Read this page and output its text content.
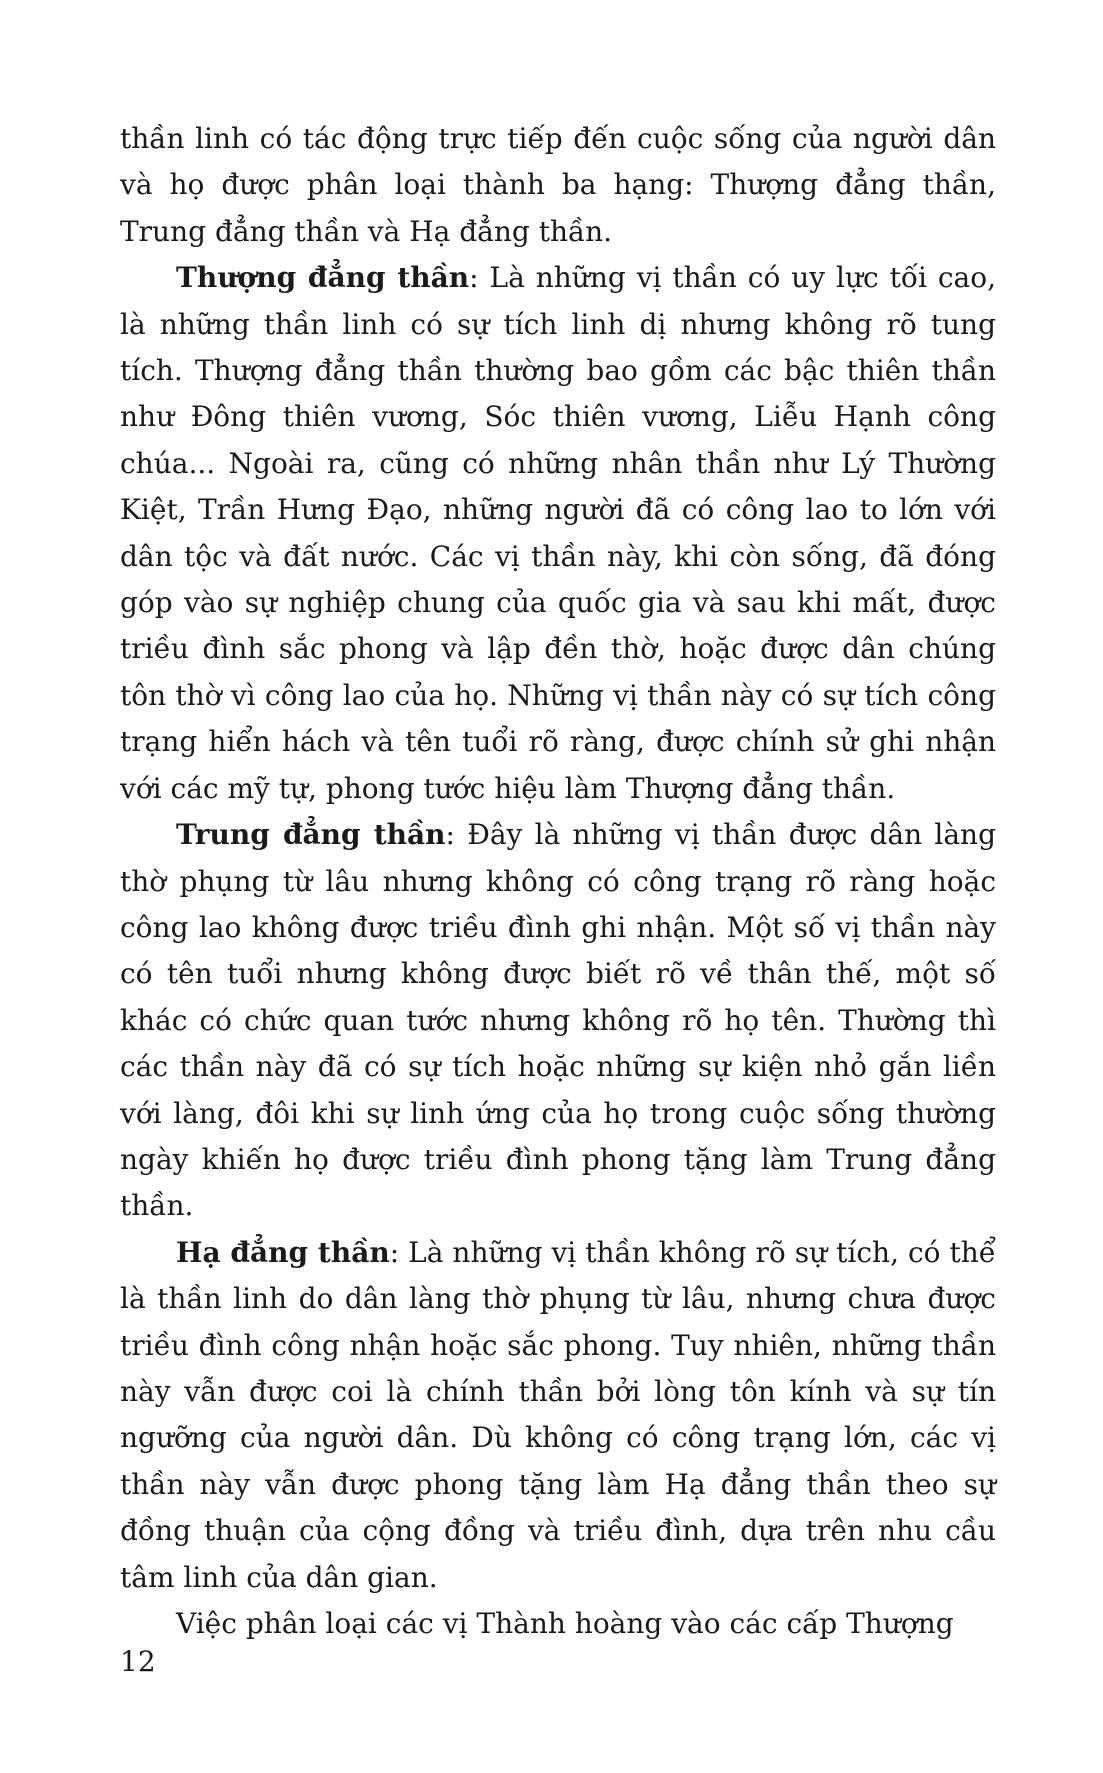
thần linh có tác động trực tiếp đến cuộc sống của người dân và họ được phân loại thành ba hạng: Thượng đẳng thần, Trung đẳng thần và Hạ đẳng thần.

Thượng đẳng thần: Là những vị thần có uy lực tối cao, là những thần linh có sự tích linh dị nhưng không rõ tung tích. Thượng đẳng thần thường bao gồm các bậc thiên thần như Đông thiên vương, Sóc thiên vương, Liễu Hạnh công chúa... Ngoài ra, cũng có những nhân thần như Lý Thường Kiệt, Trần Hưng Đạo, những người đã có công lao to lớn với dân tộc và đất nước. Các vị thần này, khi còn sống, đã đóng góp vào sự nghiệp chung của quốc gia và sau khi mất, được triều đình sắc phong và lập đền thờ, hoặc được dân chúng tôn thờ vì công lao của họ. Những vị thần này có sự tích công trạng hiển hách và tên tuổi rõ ràng, được chính sử ghi nhận với các mỹ tự, phong tước hiệu làm Thượng đẳng thần.

Trung đẳng thần: Đây là những vị thần được dân làng thờ phụng từ lâu nhưng không có công trạng rõ ràng hoặc công lao không được triều đình ghi nhận. Một số vị thần này có tên tuổi nhưng không được biết rõ về thân thế, một số khác có chức quan tước nhưng không rõ họ tên. Thường thì các thần này đã có sự tích hoặc những sự kiện nhỏ gắn liền với làng, đôi khi sự linh ứng của họ trong cuộc sống thường ngày khiến họ được triều đình phong tặng làm Trung đẳng thần.

Hạ đẳng thần: Là những vị thần không rõ sự tích, có thể là thần linh do dân làng thờ phụng từ lâu, nhưng chưa được triều đình công nhận hoặc sắc phong. Tuy nhiên, những thần này vẫn được coi là chính thần bởi lòng tôn kính và sự tín ngưỡng của người dân. Dù không có công trạng lớn, các vị thần này vẫn được phong tặng làm Hạ đẳng thần theo sự đồng thuận của cộng đồng và triều đình, dựa trên nhu cầu tâm linh của dân gian.

Việc phân loại các vị Thành hoàng vào các cấp Thượng

12
